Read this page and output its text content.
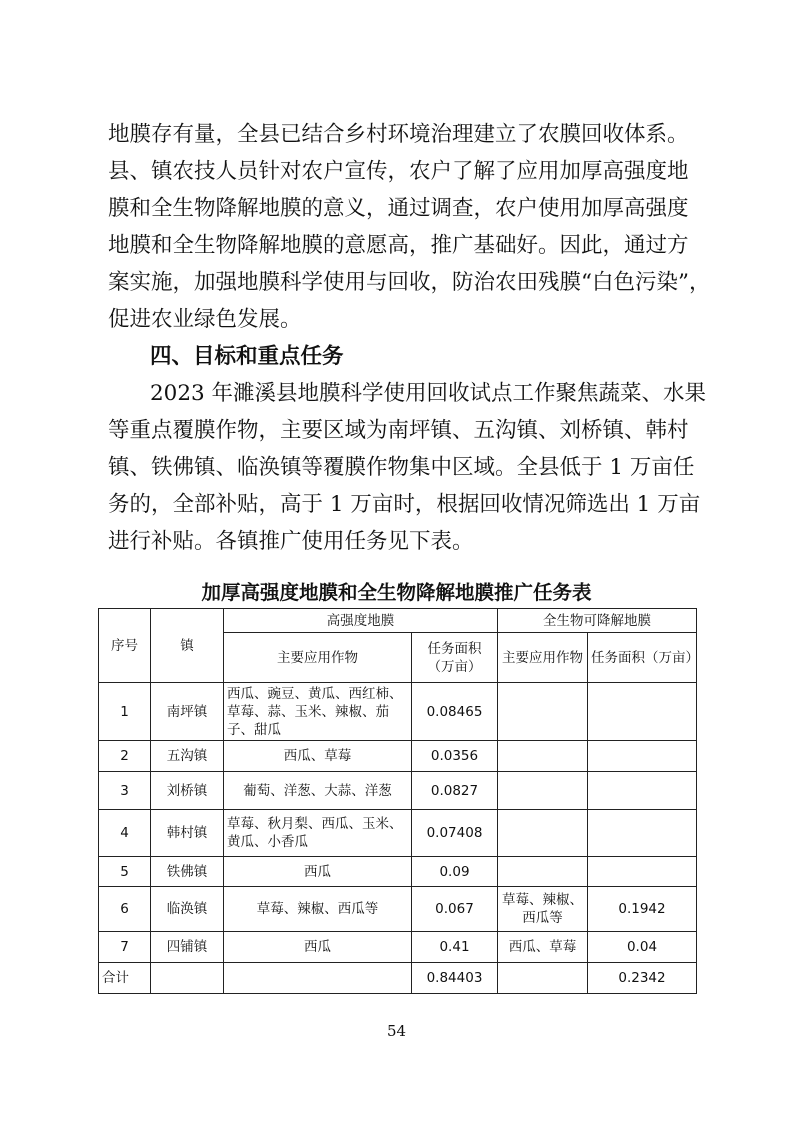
地膜存有量，全县已结合乡村环境治理建立了农膜回收体系。
县、镇农技人员针对农户宣传，农户了解了应用加厚高强度地
膜和全生物降解地膜的意义，通过调查，农户使用加厚高强度
地膜和全生物降解地膜的意愿高，推广基础好。因此，通过方
案实施，加强地膜科学使用与回收，防治农田残膜“白色污染”，
促进农业绿色发展。
四、目标和重点任务
2023 年濉溪县地膜科学使用回收试点工作聚焦蔬菜、水果
等重点覆膜作物，主要区域为南坪镇、五沟镇、刘桥镇、韩村
镇、铁佛镇、临涣镇等覆膜作物集中区域。全县低于 1 万亩任
务的，全部补贴，高于 1 万亩时，根据回收情况筛选出 1 万亩
进行补贴。各镇推广使用任务见下表。
加厚高强度地膜和全生物降解地膜推广任务表
序号	镇	高强度地膜		全生物可降解地膜	
		主要应用作物	任务面积（万亩）	主要应用作物	任务面积（万亩）
1	南坪镇	西瓜、豌豆、黄瓜、西红柿、草莓、蒜、玉米、辣椒、茄子、甜瓜	0.08465		
2	五沟镇	西瓜、草莓	0.0356		
3	刘桥镇	葡萄、洋葱、大蒜、洋葱	0.0827		
4	韩村镇	草莓、秋月梨、西瓜、玉米、黄瓜、小香瓜	0.07408		
5	铁佛镇	西瓜	0.09		
6	临涣镇	草莓、辣椒、西瓜等	0.067	草莓、辣椒、西瓜等	0.1942
7	四铺镇	西瓜	0.41	西瓜、草莓	0.04
合计			0.84403		0.2342
54
